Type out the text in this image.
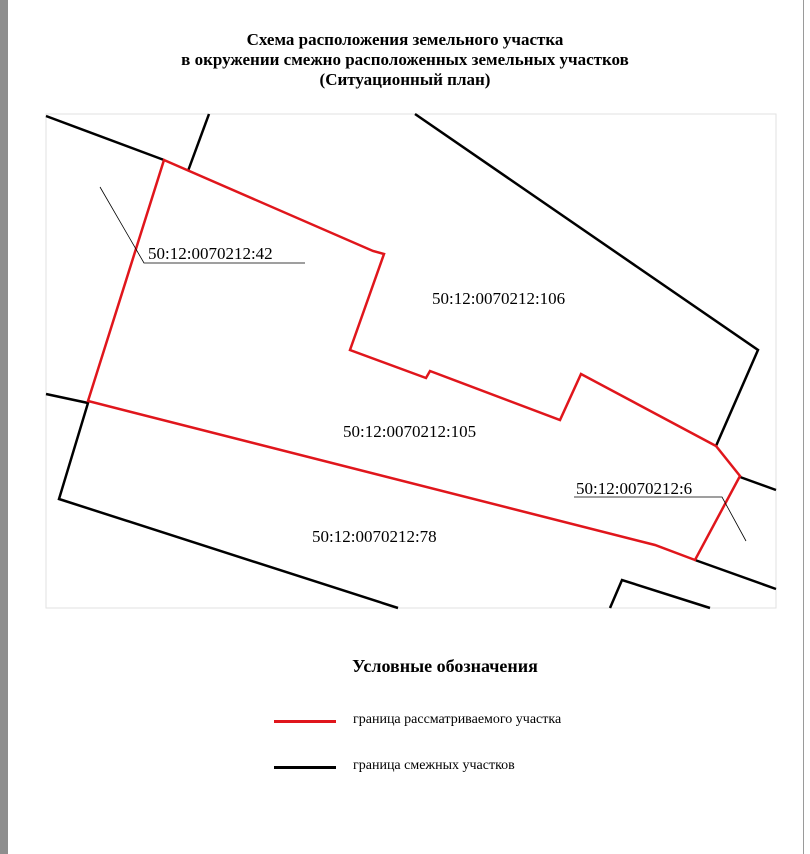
Схема расположения земельного участка
в окружении смежно расположенных земельных участков
(Ситуационный план)
50:12:0070212:42
50:12:0070212:106
50:12:0070212:105
50:12:0070212:6
50:12:0070212:78
Условные обозначения
граница рассматриваемого участка
граница смежных участков
